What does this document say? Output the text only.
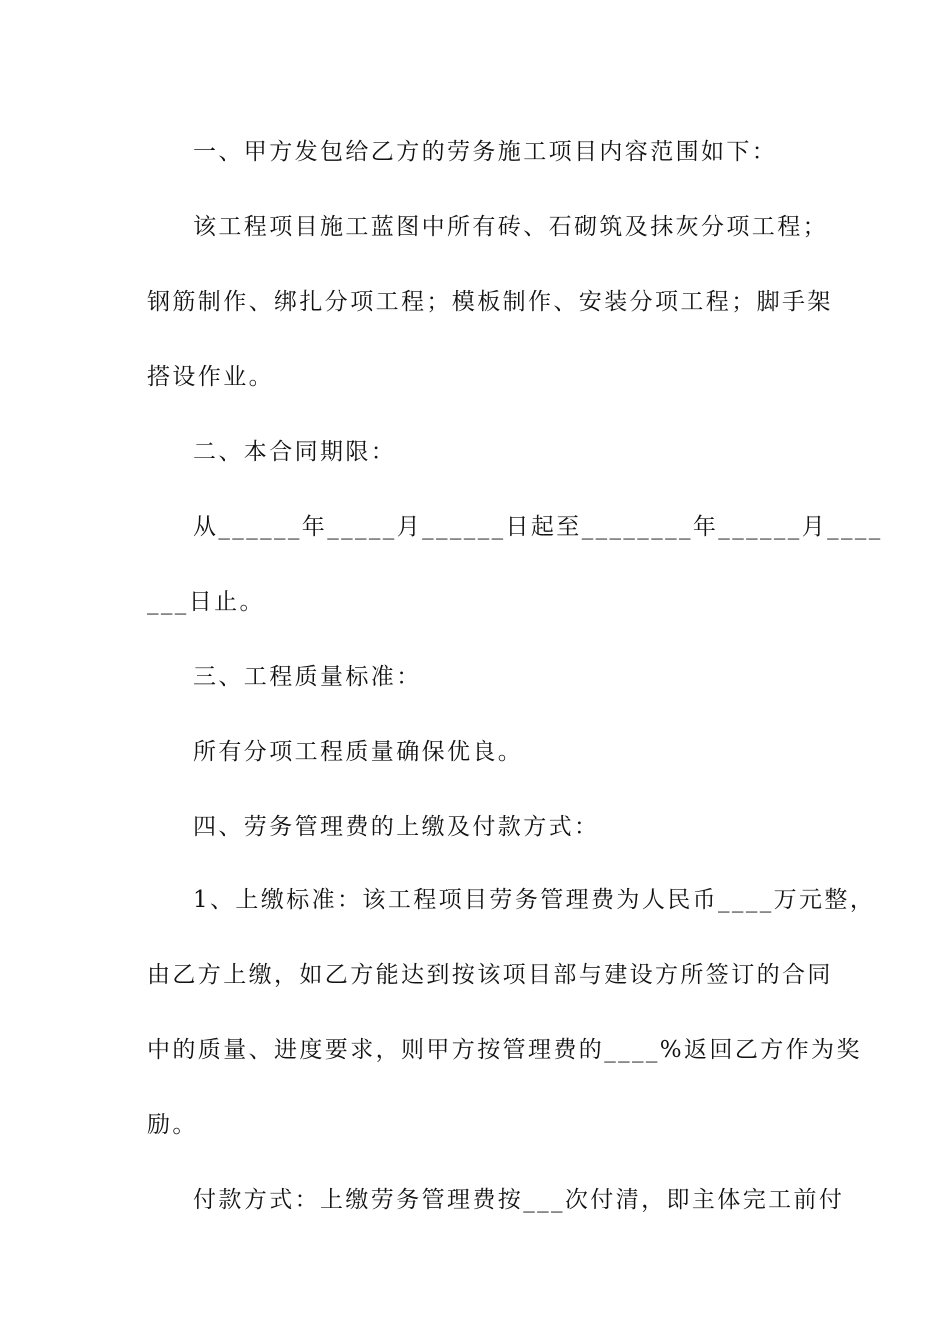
一、甲方发包给乙方的劳务施工项目内容范围如下：
该工程项目施工蓝图中所有砖、石砌筑及抹灰分项工程；
钢筋制作、绑扎分项工程；模板制作、安装分项工程；脚手架
搭设作业。
二、本合同期限：
从______年_____月______日起至________年______月____
___日止。
三、工程质量标准：
所有分项工程质量确保优良。
四、劳务管理费的上缴及付款方式：
1、上缴标准：该工程项目劳务管理费为人民币____万元整，
由乙方上缴，如乙方能达到按该项目部与建设方所签订的合同
中的质量、进度要求，则甲方按管理费的____%返回乙方作为奖
励。
付款方式：上缴劳务管理费按___次付清，即主体完工前付
